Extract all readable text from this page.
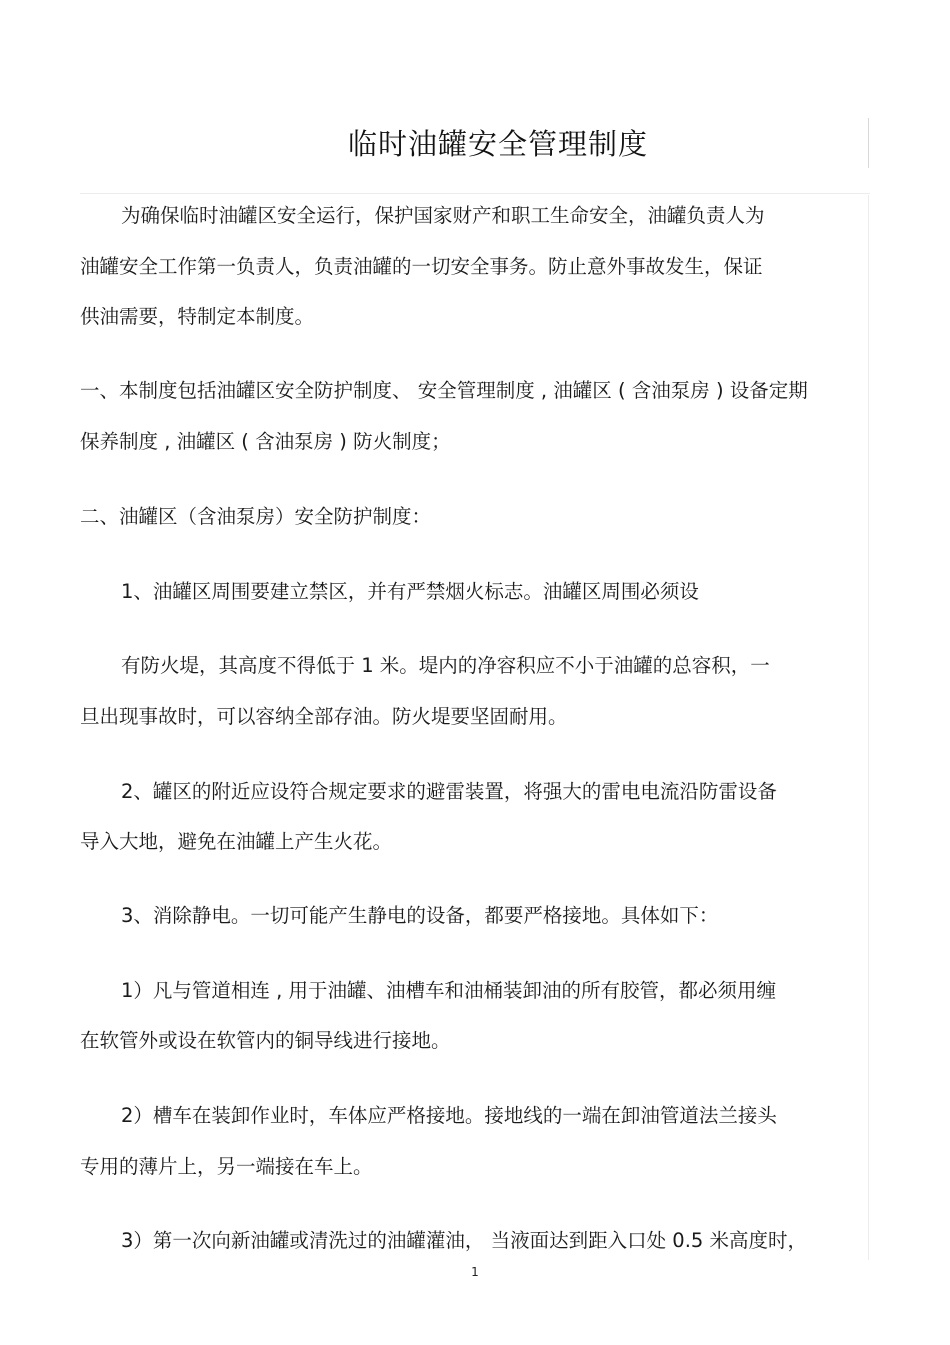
临时油罐安全管理制度
为确保临时油罐区安全运行，保护国家财产和职工生命安全，油罐负责人为
油罐安全工作第一负责人，负责油罐的一切安全事务。防止意外事故发生，保证
供油需要，特制定本制度。
一、本制度包括油罐区安全防护制度、 安全管理制度 , 油罐区 ( 含油泵房 ) 设备定期
保养制度 , 油罐区 ( 含油泵房 ) 防火制度；
二、油罐区（含油泵房）安全防护制度：
1、油罐区周围要建立禁区，并有严禁烟火标志。油罐区周围必须设
有防火堤，其高度不得低于 1 米。堤内的净容积应不小于油罐的总容积，一
旦出现事故时，可以容纳全部存油。防火堤要坚固耐用。
2、罐区的附近应设符合规定要求的避雷装置，将强大的雷电电流沿防雷设备
导入大地，避免在油罐上产生火花。
3、消除静电。一切可能产生静电的设备，都要严格接地。具体如下：
1）凡与管道相连 , 用于油罐、油槽车和油桶装卸油的所有胶管，都必须用缠
在软管外或设在软管内的铜导线进行接地。
2）槽车在装卸作业时，车体应严格接地。接地线的一端在卸油管道法兰接头
专用的薄片上，另一端接在车上。
3）第一次向新油罐或清洗过的油罐灌油， 当液面达到距入口处 0.5 米高度时，
1
